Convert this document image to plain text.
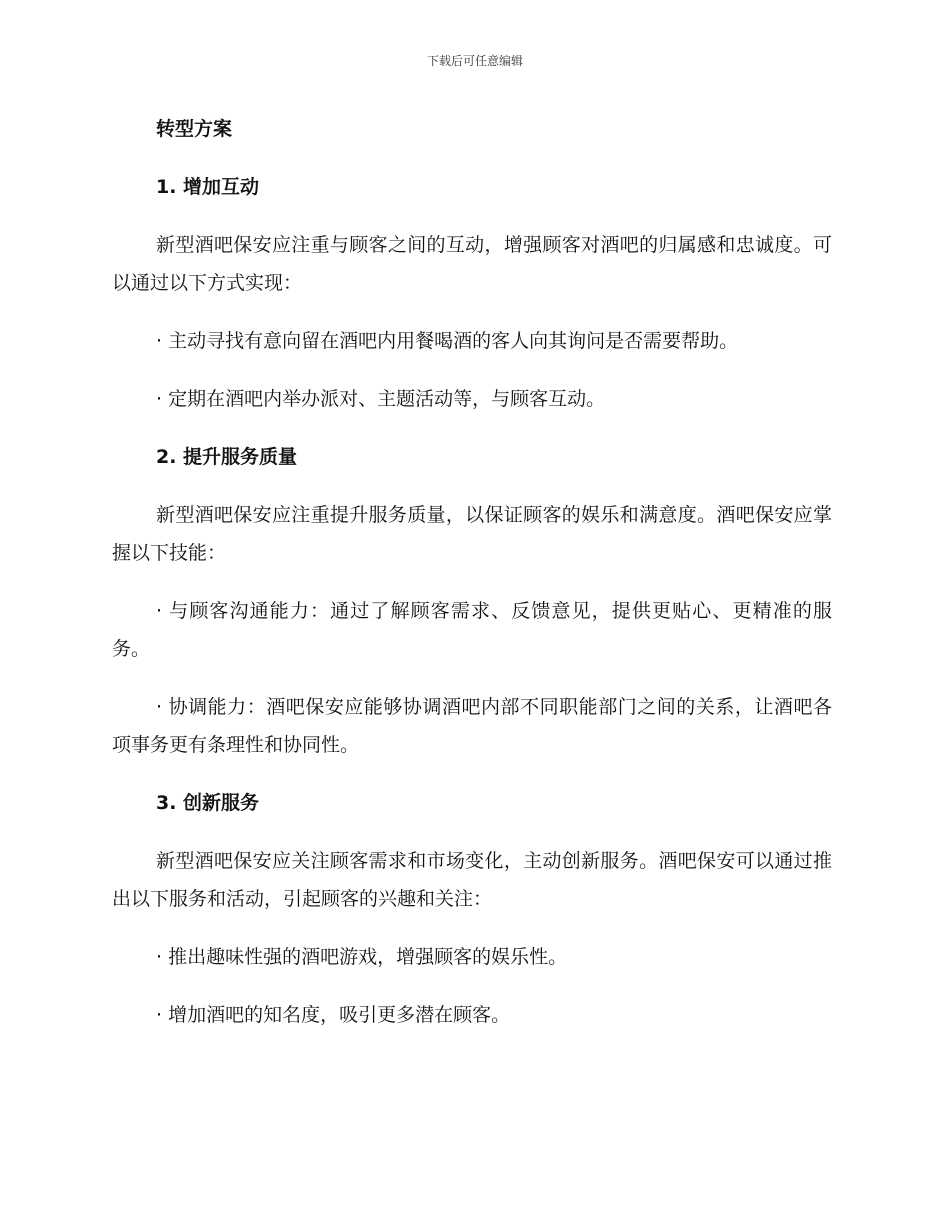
下载后可任意编辑
转型方案
1. 增加互动
新型酒吧保安应注重与顾客之间的互动，增强顾客对酒吧的归属感和忠诚度。可以通过以下方式实现：
· 主动寻找有意向留在酒吧内用餐喝酒的客人向其询问是否需要帮助。
· 定期在酒吧内举办派对、主题活动等，与顾客互动。
2. 提升服务质量
新型酒吧保安应注重提升服务质量，以保证顾客的娱乐和满意度。酒吧保安应掌握以下技能：
· 与顾客沟通能力：通过了解顾客需求、反馈意见，提供更贴心、更精准的服务。
· 协调能力：酒吧保安应能够协调酒吧内部不同职能部门之间的关系，让酒吧各项事务更有条理性和协同性。
3. 创新服务
新型酒吧保安应关注顾客需求和市场变化，主动创新服务。酒吧保安可以通过推出以下服务和活动，引起顾客的兴趣和关注：
· 推出趣味性强的酒吧游戏，增强顾客的娱乐性。
· 增加酒吧的知名度，吸引更多潜在顾客。
